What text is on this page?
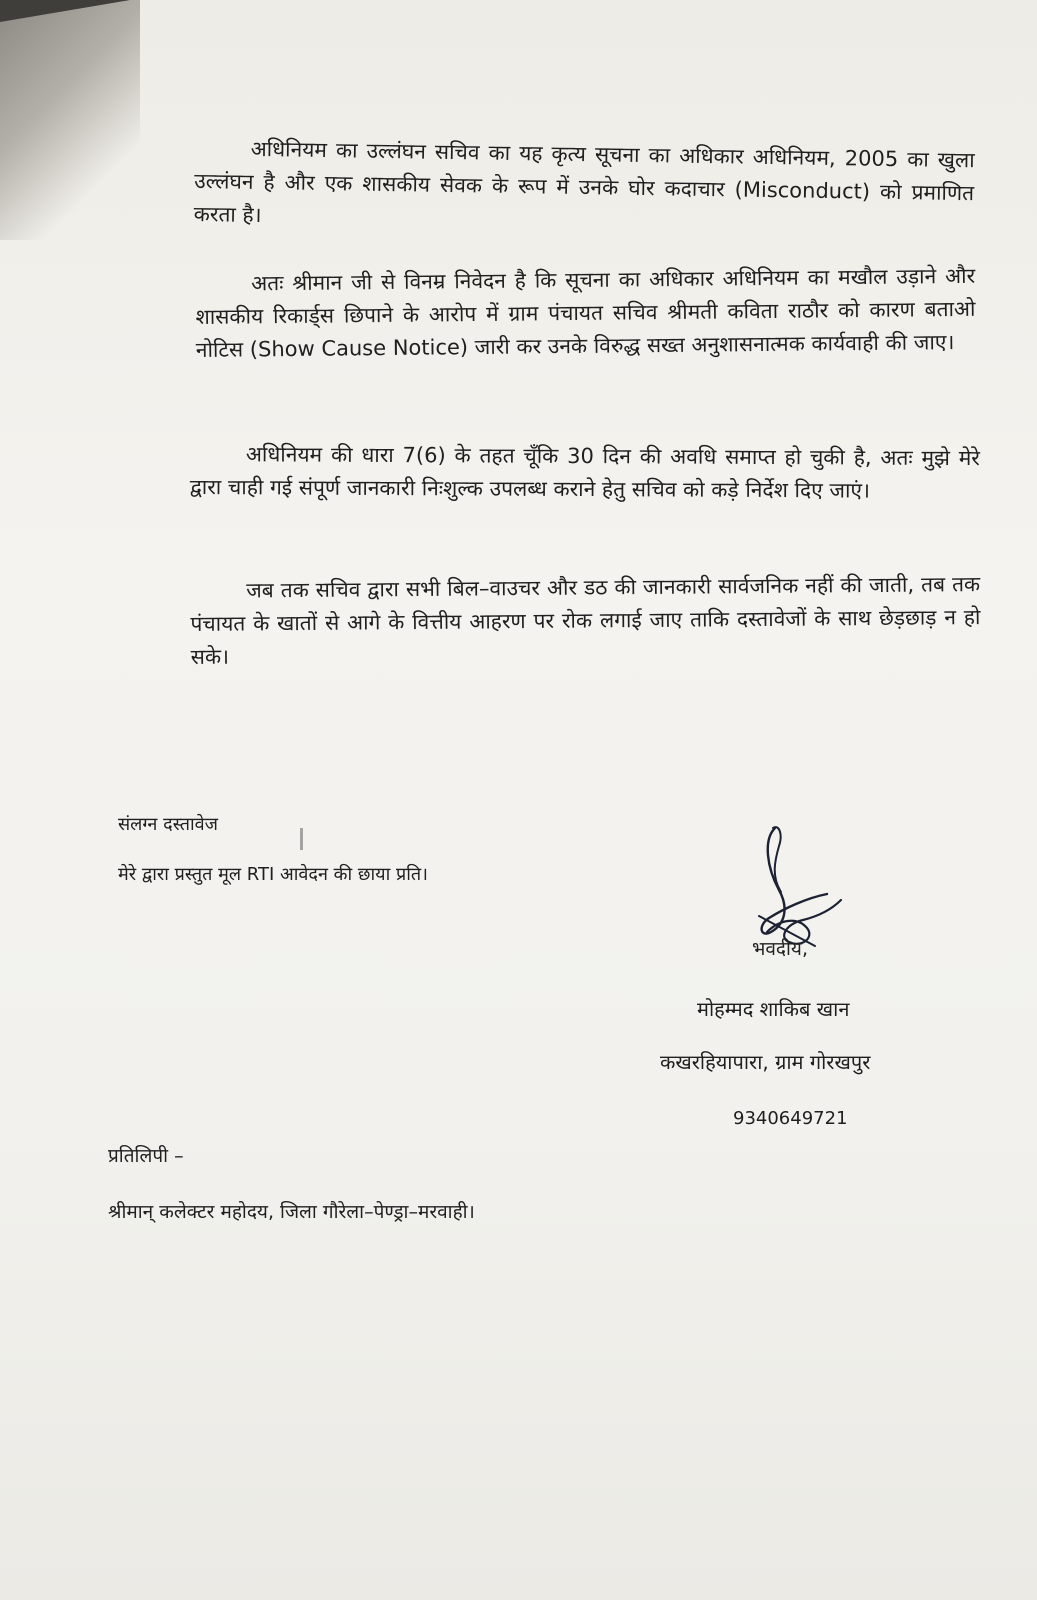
अधिनियम का उल्लंघन सचिव का यह कृत्य सूचना का अधिकार अधिनियम, 2005 का खुला उल्लंघन है और एक शासकीय सेवक के रूप में उनके घोर कदाचार (Misconduct) को प्रमाणित करता है।

अतः श्रीमान जी से विनम्र निवेदन है कि सूचना का अधिकार अधिनियम का मखौल उड़ाने और शासकीय रिकार्ड्स छिपाने के आरोप में ग्राम पंचायत सचिव श्रीमती कविता राठौर को कारण बताओ नोटिस (Show Cause Notice) जारी कर उनके विरुद्ध सख्त अनुशासनात्मक कार्यवाही की जाए।

अधिनियम की धारा 7(6) के तहत चूँकि 30 दिन की अवधि समाप्त हो चुकी है, अतः मुझे मेरे द्वारा चाही गई संपूर्ण जानकारी निःशुल्क उपलब्ध कराने हेतु सचिव को कड़े निर्देश दिए जाएं।

जब तक सचिव द्वारा सभी बिल–वाउचर और डठ की जानकारी सार्वजनिक नहीं की जाती, तब तक पंचायत के खातों से आगे के वित्तीय आहरण पर रोक लगाई जाए ताकि दस्तावेजों के साथ छेड़छाड़ न हो सके।

संलग्न दस्तावेज
मेरे द्वारा प्रस्तुत मूल RTI आवेदन की छाया प्रति।
भवदीय,
मोहम्मद शाकिब खान
कखरहियापारा, ग्राम गोरखपुर
9340649721
प्रतिलिपी –
श्रीमान् कलेक्टर महोदय, जिला गौरेला–पेण्ड्रा–मरवाही।
